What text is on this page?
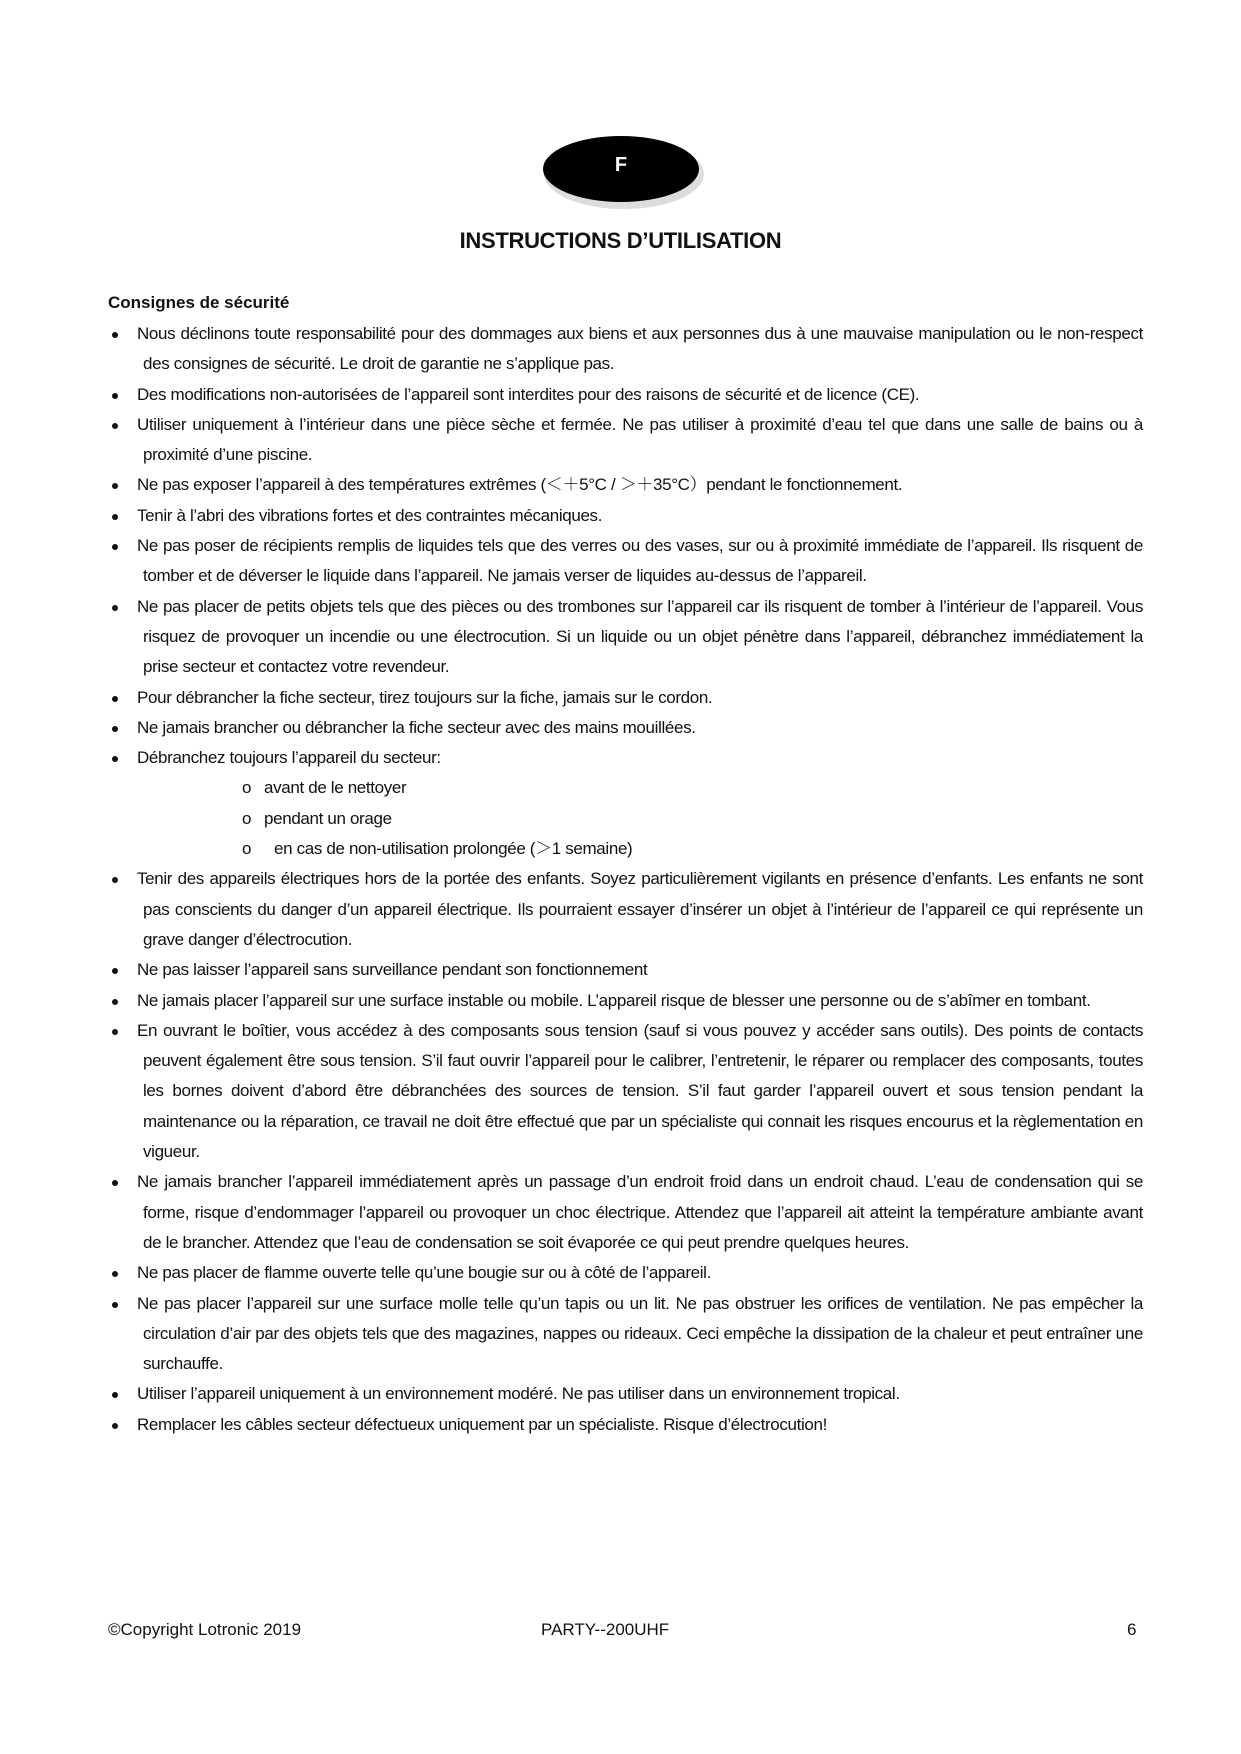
F
INSTRUCTIONS D’UTILISATION
Consignes de sécurité
Nous déclinons toute responsabilité pour des dommages aux biens et aux personnes dus à une mauvaise manipulation ou le non-respect des consignes de sécurité. Le droit de garantie ne s’applique pas.
Des modifications non-autorisées de l’appareil sont interdites pour des raisons de sécurité et de licence (CE).
Utiliser uniquement à l’intérieur dans une pièce sèche et fermée. Ne pas utiliser à proximité d’eau tel que dans une salle de bains ou à proximité d’une piscine.
Ne pas exposer l’appareil à des températures extrêmes (＜＋5°C / ＞＋35°C）pendant le fonctionnement.
Tenir à l’abri des vibrations fortes et des contraintes mécaniques.
Ne pas poser de récipients remplis de liquides tels que des verres ou des vases, sur ou à proximité immédiate de l’appareil. Ils risquent de tomber et de déverser le liquide dans l’appareil. Ne jamais verser de liquides au-dessus de l’appareil.
Ne pas placer de petits objets tels que des pièces ou des trombones sur l’appareil car ils risquent de tomber à l’intérieur de l’appareil. Vous risquez de provoquer un incendie ou une électrocution. Si un liquide ou un objet pénètre dans l’appareil, débranchez immédiatement la prise secteur et contactez votre revendeur.
Pour débrancher la fiche secteur, tirez toujours sur la fiche, jamais sur le cordon.
Ne jamais brancher ou débrancher la fiche secteur avec des mains mouillées.
Débranchez toujours l’appareil du secteur:
o avant de le nettoyer
o pendant un orage
o en cas de non-utilisation prolongée (＞1 semaine)
Tenir des appareils électriques hors de la portée des enfants. Soyez particulièrement vigilants en présence d’enfants. Les enfants ne sont pas conscients du danger d’un appareil électrique. Ils pourraient essayer d’insérer un objet à l’intérieur de l’appareil ce qui représente un grave danger d’électrocution.
Ne pas laisser l’appareil sans surveillance pendant son fonctionnement
Ne jamais placer l’appareil sur une surface instable ou mobile. L’appareil risque de blesser une personne ou de s’abîmer en tombant.
En ouvrant le boîtier, vous accédez à des composants sous tension (sauf si vous pouvez y accéder sans outils). Des points de contacts peuvent également être sous tension. S’il faut ouvrir l’appareil pour le calibrer, l’entretenir, le réparer ou remplacer des composants, toutes les bornes doivent d’abord être débranchées des sources de tension. S’il faut garder l’appareil ouvert et sous tension pendant la maintenance ou la réparation, ce travail ne doit être effectué que par un spécialiste qui connait les risques encourus et la règlementation en vigueur.
Ne jamais brancher l’appareil immédiatement après un passage d’un endroit froid dans un endroit chaud. L’eau de condensation qui se forme, risque d’endommager l’appareil ou provoquer un choc électrique. Attendez que l’appareil ait atteint la température ambiante avant de le brancher. Attendez que l’eau de condensation se soit évaporée ce qui peut prendre quelques heures.
Ne pas placer de flamme ouverte telle qu’une bougie sur ou à côté de l’appareil.
Ne pas placer l’appareil sur une surface molle telle qu’un tapis ou un lit. Ne pas obstruer les orifices de ventilation. Ne pas empêcher la circulation d’air par des objets tels que des magazines, nappes ou rideaux. Ceci empêche la dissipation de la chaleur et peut entraîner une surchauffe.
Utiliser l’appareil uniquement à un environnement modéré. Ne pas utiliser dans un environnement tropical.
Remplacer les câbles secteur défectueux uniquement par un spécialiste. Risque d’électrocution!
©Copyright Lotronic 2019	PARTY--200UHF	6
